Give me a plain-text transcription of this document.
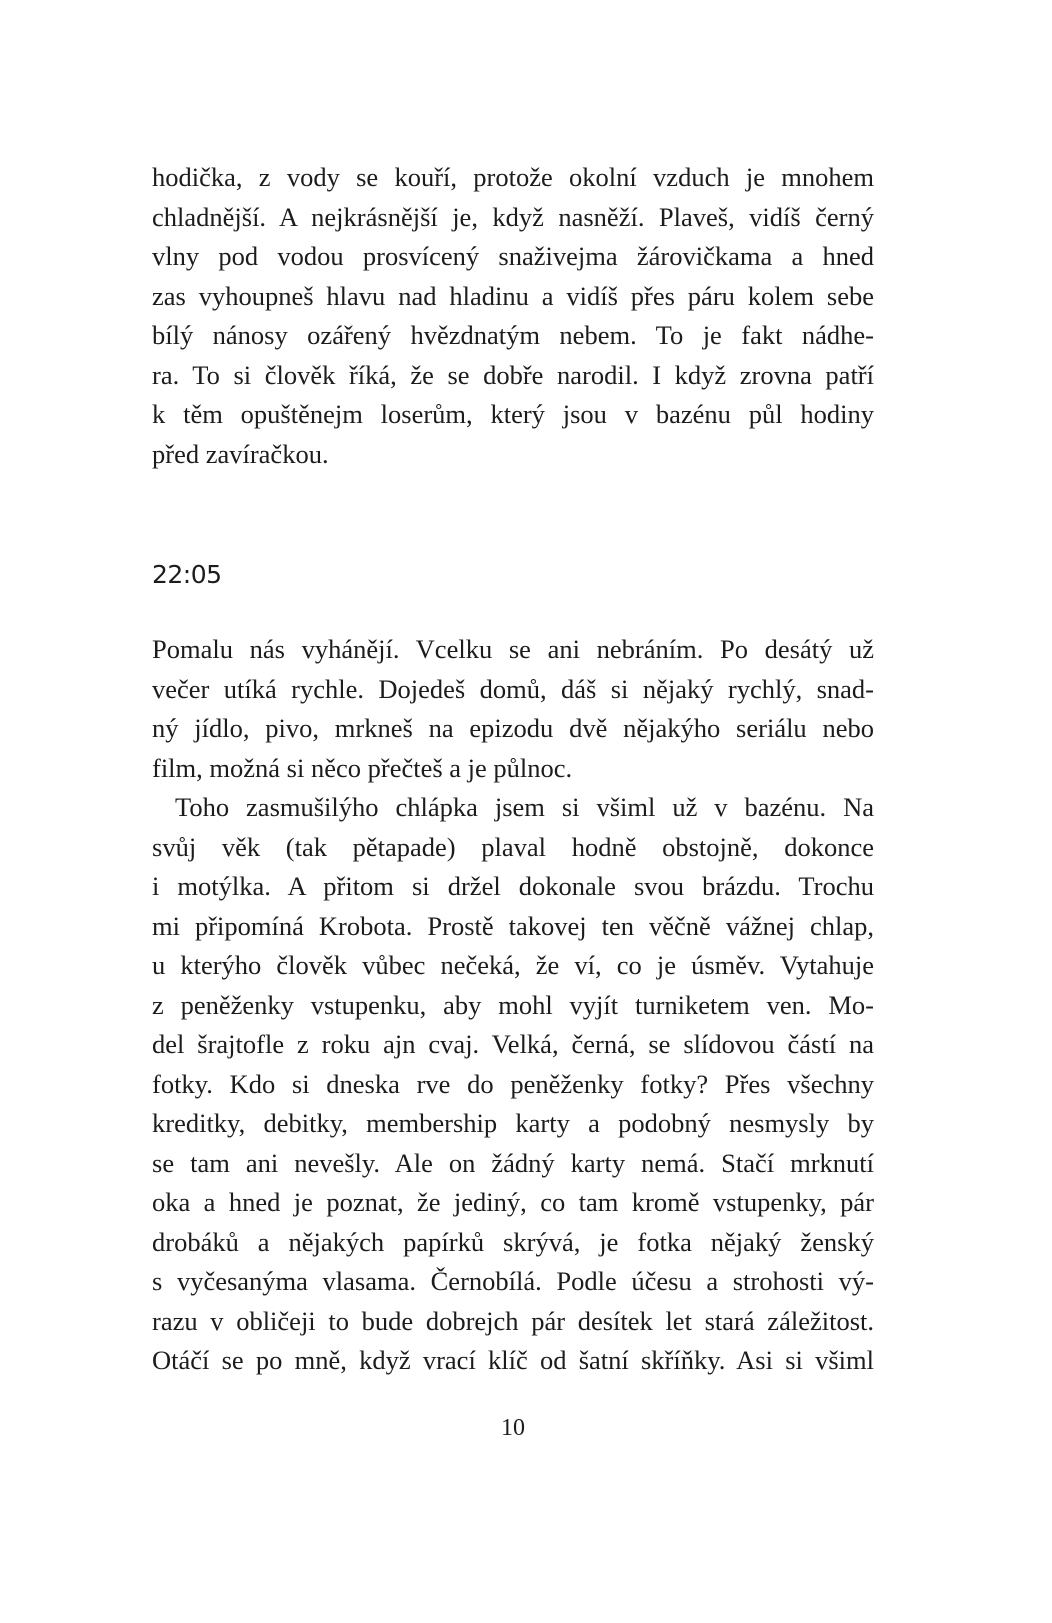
hodička, z vody se kouří, protože okolní vzduch je mnohem
chladnější. A nejkrásnější je, když nasněží. Plaveš, vidíš černý
vlny pod vodou prosvícený snaživejma žárovičkama a hned
zas vyhoupneš hlavu nad hladinu a vidíš přes páru kolem sebe
bílý nánosy ozářený hvězdnatým nebem. To je fakt nádhe-
ra. To si člověk říká, že se dobře narodil. I když zrovna patří
k těm opuštěnejm loserům, který jsou v bazénu půl hodiny
před zavíračkou.
22:05
Pomalu nás vyhánějí. Vcelku se ani nebráním. Po desátý už
večer utíká rychle. Dojedeš domů, dáš si nějaký rychlý, snad-
ný jídlo, pivo, mrkneš na epizodu dvě nějakýho seriálu nebo
film, možná si něco přečteš a je půlnoc.
Toho zasmušilýho chlápka jsem si všiml už v bazénu. Na
svůj věk (tak pětapade) plaval hodně obstojně, dokonce
i motýlka. A přitom si držel dokonale svou brázdu. Trochu
mi připomíná Krobota. Prostě takovej ten věčně vážnej chlap,
u kterýho člověk vůbec nečeká, že ví, co je úsměv. Vytahuje
z peněženky vstupenku, aby mohl vyjít turniketem ven. Mo-
del šrajtofle z roku ajn cvaj. Velká, černá, se slídovou částí na
fotky. Kdo si dneska rve do peněženky fotky? Přes všechny
kreditky, debitky, membership karty a podobný nesmysly by
se tam ani nevešly. Ale on žádný karty nemá. Stačí mrknutí
oka a hned je poznat, že jediný, co tam kromě vstupenky, pár
drobáků a nějakých papírků skrývá, je fotka nějaký ženský
s vyčesanýma vlasama. Černobílá. Podle účesu a strohosti vý-
razu v obličeji to bude dobrejch pár desítek let stará záležitost.
Otáčí se po mně, když vrací klíč od šatní skříňky. Asi si všiml
10
